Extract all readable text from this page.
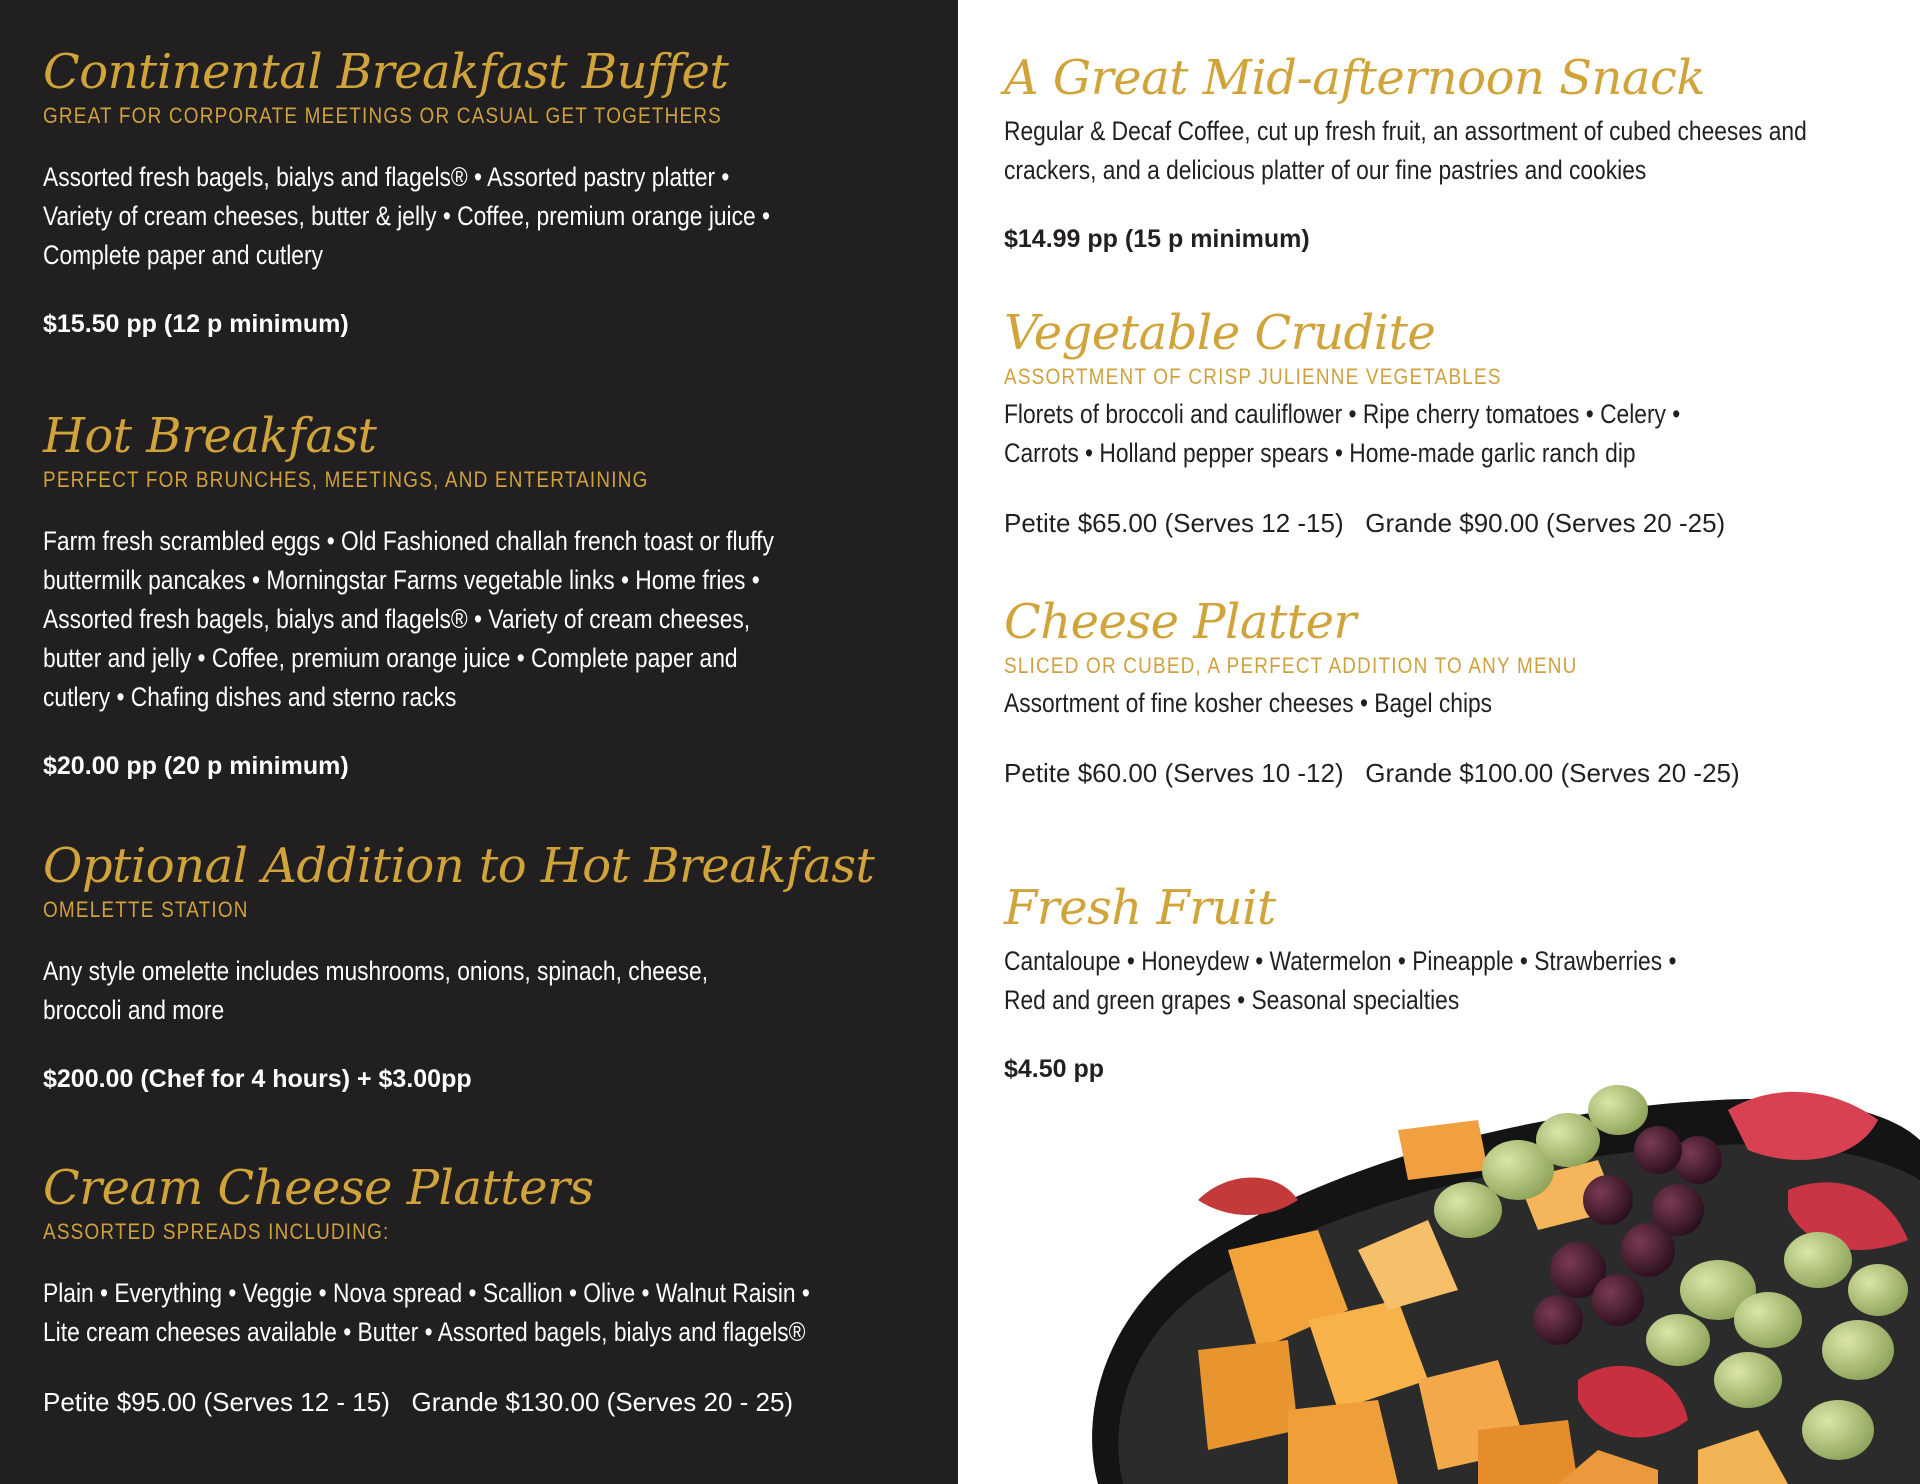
Continental Breakfast Buffet
GREAT FOR CORPORATE MEETINGS OR CASUAL GET TOGETHERS
Assorted fresh bagels, bialys and flagels® • Assorted pastry platter •
Variety of cream cheeses, butter & jelly • Coffee, premium orange juice •
Complete paper and cutlery
$15.50 pp (12 p minimum)
Hot Breakfast
PERFECT FOR BRUNCHES, MEETINGS, AND ENTERTAINING
Farm fresh scrambled eggs • Old Fashioned challah french toast or fluffy
buttermilk pancakes • Morningstar Farms vegetable links • Home fries •
Assorted fresh bagels, bialys and flagels® • Variety of cream cheeses,
butter and jelly • Coffee, premium orange juice • Complete paper and
cutlery • Chafing dishes and sterno racks
$20.00 pp (20 p minimum)
Optional Addition to Hot Breakfast
OMELETTE STATION
Any style omelette includes mushrooms, onions, spinach, cheese,
broccoli and more
$200.00 (Chef for 4 hours) + $3.00pp
Cream Cheese Platters
ASSORTED SPREADS INCLUDING:
Plain • Everything • Veggie • Nova spread • Scallion • Olive • Walnut Raisin •
Lite cream cheeses available • Butter • Assorted bagels, bialys and flagels®
Petite $95.00 (Serves 12 - 15)   Grande $130.00 (Serves 20 - 25)
A Great Mid-afternoon Snack
Regular & Decaf Coffee, cut up fresh fruit, an assortment of cubed cheeses and
crackers, and a delicious platter of our fine pastries and cookies
$14.99 pp (15 p minimum)
Vegetable Crudite
ASSORTMENT OF CRISP JULIENNE VEGETABLES
Florets of broccoli and cauliflower • Ripe cherry tomatoes • Celery •
Carrots • Holland pepper spears • Home-made garlic ranch dip
Petite $65.00 (Serves 12 -15)   Grande $90.00 (Serves 20 -25)
Cheese Platter
SLICED OR CUBED, A PERFECT ADDITION TO ANY MENU
Assortment of fine kosher cheeses • Bagel chips
Petite $60.00 (Serves 10 -12)   Grande $100.00 (Serves 20 -25)
Fresh Fruit
Cantaloupe • Honeydew • Watermelon • Pineapple • Strawberries •
Red and green grapes • Seasonal specialties
$4.50 pp
